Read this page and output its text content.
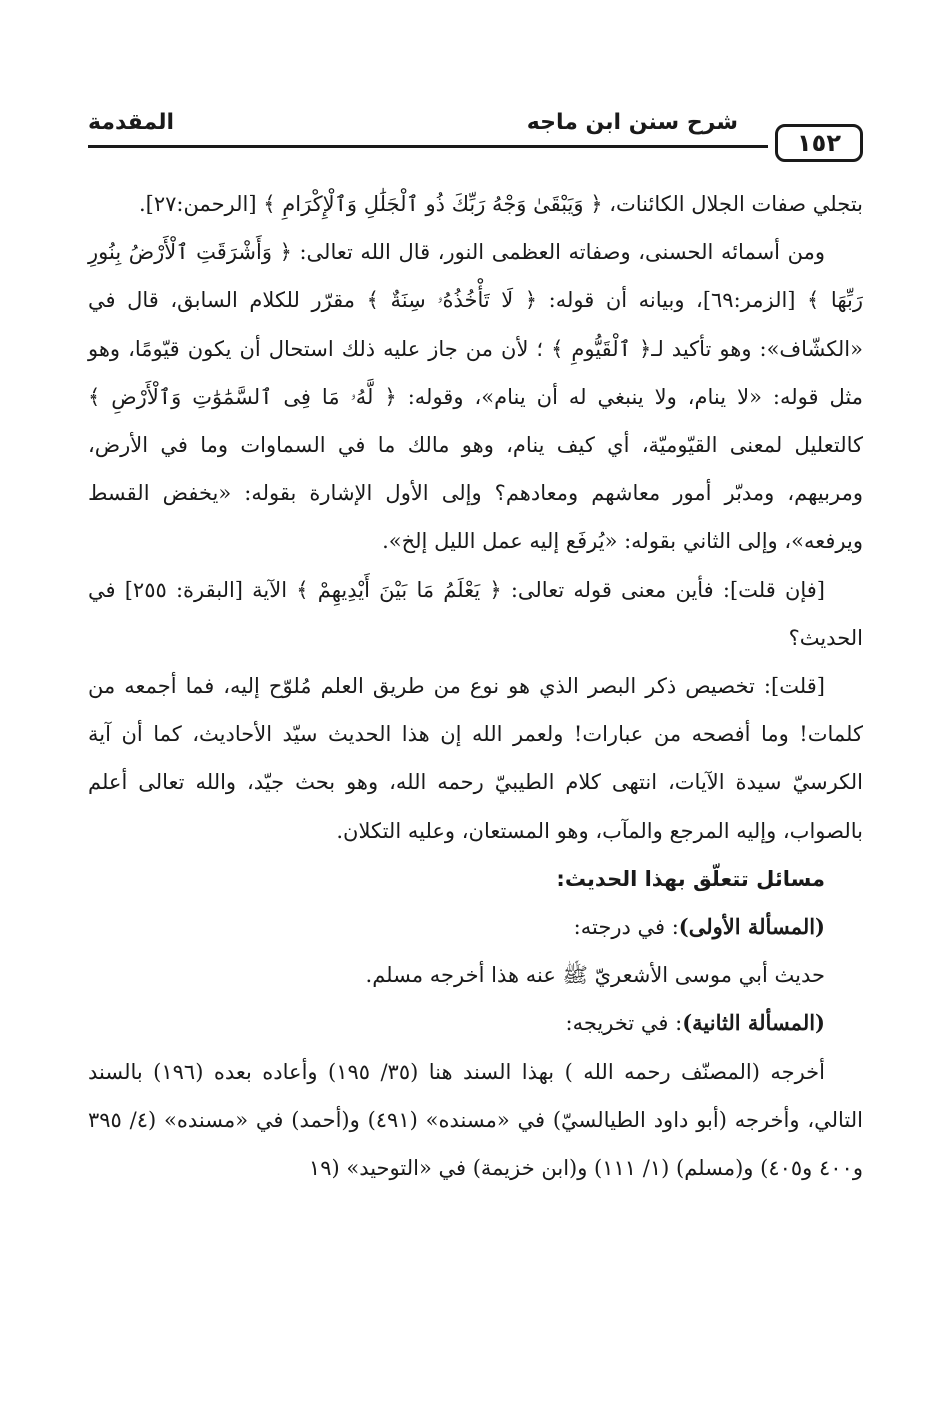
المقدمة	شرح سنن ابن ماجه
١٥٢

بتجلي صفات الجلال الكائنات، ﴿ وَيَبْقَىٰ وَجْهُ رَبِّكَ ذُو ٱلْجَلَٰلِ وَٱلْإِكْرَامِ ﴾ [الرحمن:٢٧].

ومن أسمائه الحسنى، وصفاته العظمى النور، قال الله تعالى: ﴿ وَأَشْرَقَتِ ٱلْأَرْضُ بِنُورِ رَبِّهَا ﴾ [الزمر:٦٩]، وبيانه أن قوله: ﴿ لَا تَأْخُذُهُۥ سِنَةٌ ﴾ مقرّر للكلام السابق، قال في «الكشّاف»: وهو تأكيد لـ﴿ ٱلْقَيُّومِ ﴾ ؛ لأن من جاز عليه ذلك استحال أن يكون قيّومًا، وهو مثل قوله: «لا ينام، ولا ينبغي له أن ينام»، وقوله: ﴿ لَّهُۥ مَا فِى ٱلسَّمَٰوَٰتِ وَٱلْأَرْضِ ﴾ كالتعليل لمعنى القيّوميّة، أي كيف ينام، وهو مالك ما في السماوات وما في الأرض، ومربيهم، ومدبّر أمور معاشهم ومعادهم؟ وإلى الأول الإشارة بقوله: «يخفض القسط ويرفعه»، وإلى الثاني بقوله: «يُرفَع إليه عمل الليل إلخ».

[فإن قلت]: فأين معنى قوله تعالى: ﴿ يَعْلَمُ مَا بَيْنَ أَيْدِيهِمْ ﴾ الآية [البقرة: ٢٥٥] في الحديث؟

[قلت]: تخصيص ذكر البصر الذي هو نوع من طريق العلم مُلوّح إليه، فما أجمعه من كلمات! وما أفصحه من عبارات! ولعمر الله إن هذا الحديث سيّد الأحاديث، كما أن آية الكرسيّ سيدة الآيات، انتهى كلام الطيبيّ رحمه الله، وهو بحث جيّد، والله تعالى أعلم بالصواب، وإليه المرجع والمآب، وهو المستعان، وعليه التكلان.

مسائل تتعلّق بهذا الحديث:

(المسألة الأولى): في درجته:

حديث أبي موسى الأشعريّ ﷺ عنه هذا أخرجه مسلم.

(المسألة الثانية): في تخريجه:

أخرجه (المصنّف رحمه الله ) بهذا السند هنا (٣٥/ ١٩٥) وأعاده بعده (١٩٦) بالسند التالي، وأخرجه (أبو داود الطيالسيّ) في «مسنده» (٤٩١) و(أحمد) في «مسنده» (٤/ ٣٩٥ و٤٠٠ و٤٠٥) و(مسلم) (١/ ١١١) و(ابن خزيمة) في «التوحيد» (١٩
